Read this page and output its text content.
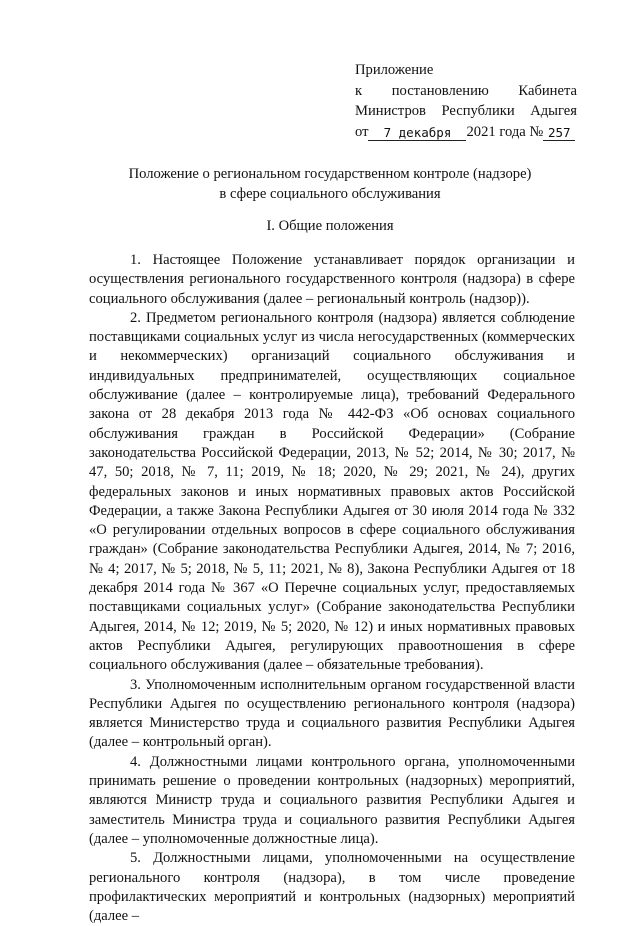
Приложение
к постановлению Кабинета
Министров Республики Адыгея
от	7 декабря	2021 года № 257
Положение о региональном государственном контроле (надзоре)
в сфере социального обслуживания
I. Общие положения

1. Настоящее Положение устанавливает порядок организации и осуществления регионального государственного контроля (надзора) в сфере социального обслуживания (далее – региональный контроль (надзор)).

2. Предметом регионального контроля (надзора) является соблюдение поставщиками социальных услуг из числа негосударственных (коммерческих и некоммерческих) организаций социального обслуживания и индивидуальных предпринимателей, осуществляющих социальное обслуживание (далее – контролируемые лица), требований Федерального закона от 28 декабря 2013 года № 442-ФЗ «Об основах социального обслуживания граждан в Российской Федерации» (Собрание законодательства Российской Федерации, 2013, № 52; 2014, № 30; 2017, № 47, 50; 2018, № 7, 11; 2019, № 18; 2020, № 29; 2021, № 24), других федеральных законов и иных нормативных правовых актов Российской Федерации, а также Закона Республики Адыгея от 30 июля 2014 года № 332 «О регулировании отдельных вопросов в сфере социального обслуживания граждан» (Собрание законодательства Республики Адыгея, 2014, № 7; 2016, № 4; 2017, № 5; 2018, № 5, 11; 2021, № 8), Закона Республики Адыгея от 18 декабря 2014 года № 367 «О Перечне социальных услуг, предоставляемых поставщиками социальных услуг» (Собрание законодательства Республики Адыгея, 2014, № 12; 2019, № 5; 2020, № 12) и иных нормативных правовых актов Республики Адыгея, регулирующих правоотношения в сфере социального обслуживания (далее – обязательные требования).

3. Уполномоченным исполнительным органом государственной власти Республики Адыгея по осуществлению регионального контроля (надзора) является Министерство труда и социального развития Республики Адыгея (далее – контрольный орган).

4. Должностными лицами контрольного органа, уполномоченными принимать решение о проведении контрольных (надзорных) мероприятий, являются Министр труда и социального развития Республики Адыгея и заместитель Министра труда и социального развития Республики Адыгея (далее – уполномоченные должностные лица).

5. Должностными лицами, уполномоченными на осуществление регионального контроля (надзора), в том числе проведение профилактических мероприятий и контрольных (надзорных) мероприятий (далее –
